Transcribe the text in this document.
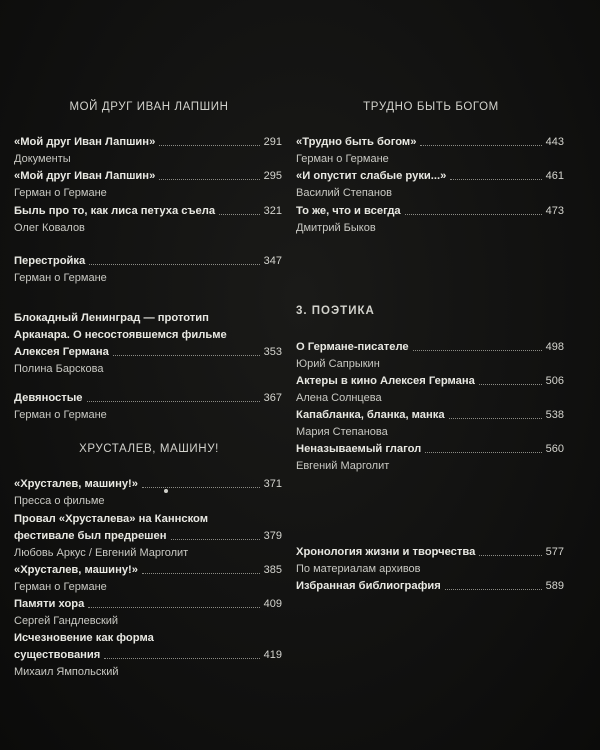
МОЙ ДРУГ ИВАН ЛАПШИН
«Мой друг Иван Лапшин»	291
Документы
«Мой друг Иван Лапшин»	295
Герман о Германе
Быль про то, как лиса петуха съела	321
Олег Ковалов
Перестройка	347
Герман о Германе
Блокадный Ленинград — прототип
Арканара. О несостоявшемся фильме
Алексея Германа	353
Полина Барскова
Девяностые	367
Герман о Германе
ХРУСТАЛЕВ, МАШИНУ!
«Хрусталев, машину!»	371
Пресса о фильме
Провал «Хрусталева» на Каннском
фестивале был предрешен	379
Любовь Аркус / Евгений Марголит
«Хрусталев, машину!»	385
Герман о Германе
Памяти хора	409
Сергей Гандлевский
Исчезновение как форма
существования	419
Михаил Ямпольский
ТРУДНО БЫТЬ БОГОМ
«Трудно быть богом»	443
Герман о Германе
«И опустит слабые руки...»	461
Василий Степанов
То же, что и всегда	473
Дмитрий Быков
3. ПОЭТИКА
О Германе-писателе	498
Юрий Сапрыкин
Актеры в кино Алексея Германа	506
Алена Солнцева
Капабланка, бланка, манка	538
Мария Степанова
Неназываемый глагол	560
Евгений Марголит
Хронология жизни и творчества	577
По материалам архивов
Избранная библиография	589
